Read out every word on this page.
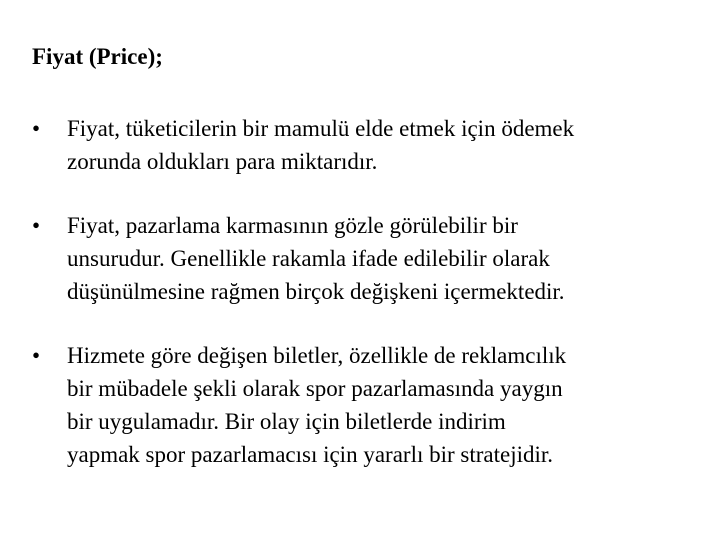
Fiyat (Price);
•	Fiyat, tüketicilerin bir mamulü elde etmek için ödemek
zorunda oldukları para miktarıdır.
•	Fiyat, pazarlama karmasının gözle görülebilir bir
unsurudur. Genellikle rakamla ifade edilebilir olarak
düşünülmesine rağmen birçok değişkeni içermektedir.
•	Hizmete göre değişen biletler, özellikle de reklamcılık
bir mübadele şekli olarak spor pazarlamasında yaygın
bir uygulamadır. Bir olay için biletlerde indirim
yapmak spor pazarlamacısı için yararlı bir stratejidir.
